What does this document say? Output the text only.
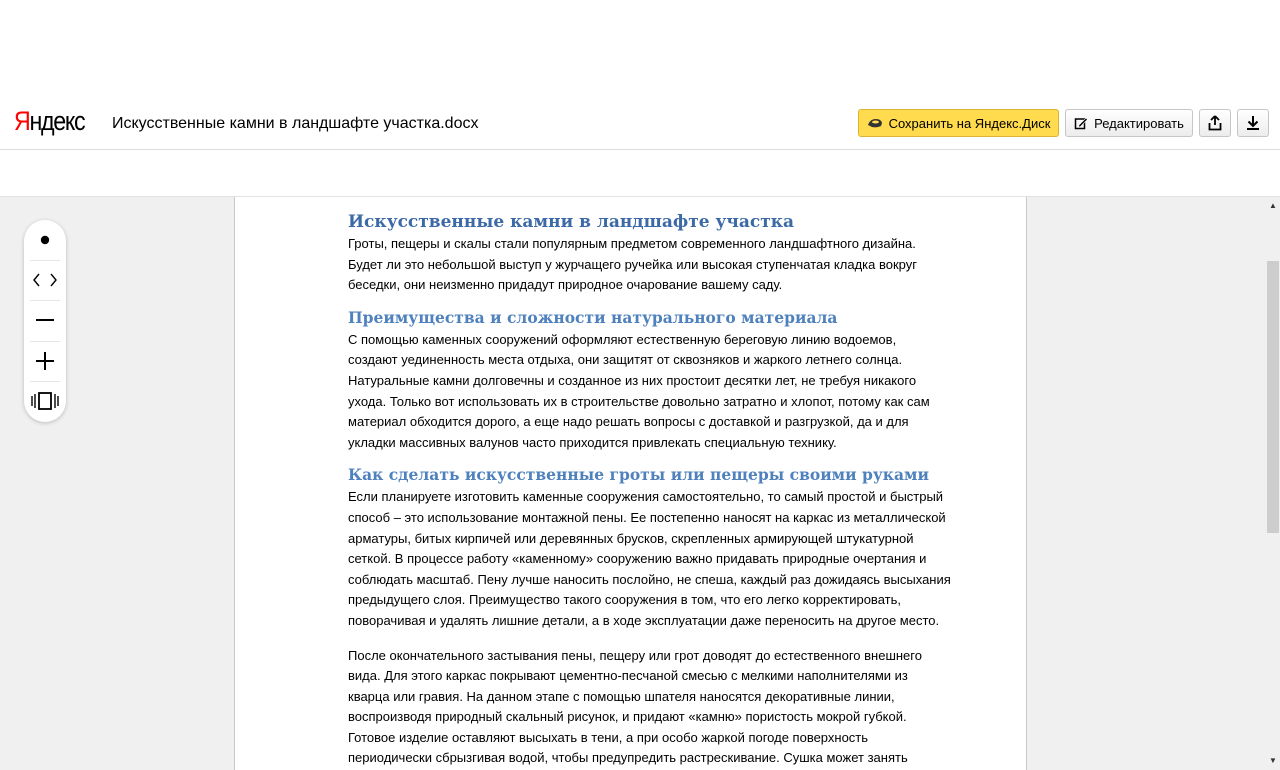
Яндекс Искусственные камни в ландшафте участка.docx	Сохранить на Яндекс.Диск	Редактировать
Искусственные камни в ландшафте участка

Гроты, пещеры и скалы стали популярным предметом современного ландшафтного дизайна.

Будет ли это небольшой выступ у журчащего ручейка или высокая ступенчатая кладка вокруг

беседки, они неизменно придадут природное очарование вашему саду.

Преимущества и сложности натурального материала

С помощью каменных сооружений оформляют естественную береговую линию водоемов,

создают уединенность места отдыха, они защитят от сквозняков и жаркого летнего солнца.

Натуральные камни долговечны и созданное из них простоит десятки лет, не требуя никакого

ухода. Только вот использовать их в строительстве довольно затратно и хлопот, потому как сам

материал обходится дорого, а еще надо решать вопросы с доставкой и разгрузкой, да и для

укладки массивных валунов часто приходится привлекать специальную технику.

Как сделать искусственные гроты или пещеры своими руками

Если планируете изготовить каменные сооружения самостоятельно, то самый простой и быстрый

способ – это использование монтажной пены. Ее постепенно наносят на каркас из металлической

арматуры, битых кирпичей или деревянных брусков, скрепленных армирующей штукатурной

сеткой. В процессе работу «каменному» сооружению важно придавать природные очертания и

соблюдать масштаб. Пену лучше наносить послойно, не спеша, каждый раз дожидаясь высыхания

предыдущего слоя. Преимущество такого сооружения в том, что его легко корректировать,

поворачивая и удалять лишние детали, а в ходе эксплуатации даже переносить на другое место.

После окончательного застывания пены, пещеру или грот доводят до естественного внешнего

вида. Для этого каркас покрывают цементно-песчаной смесью с мелкими наполнителями из

кварца или гравия. На данном этапе с помощью шпателя наносятся декоративные линии,

воспроизводя природный скальный рисунок, и придают «камню» пористость мокрой губкой.

Готовое изделие оставляют высыхать в тени, а при особо жаркой погоде поверхность

периодически сбрызгивая водой, чтобы предупредить растрескивание. Сушка может занять

▲
▼
